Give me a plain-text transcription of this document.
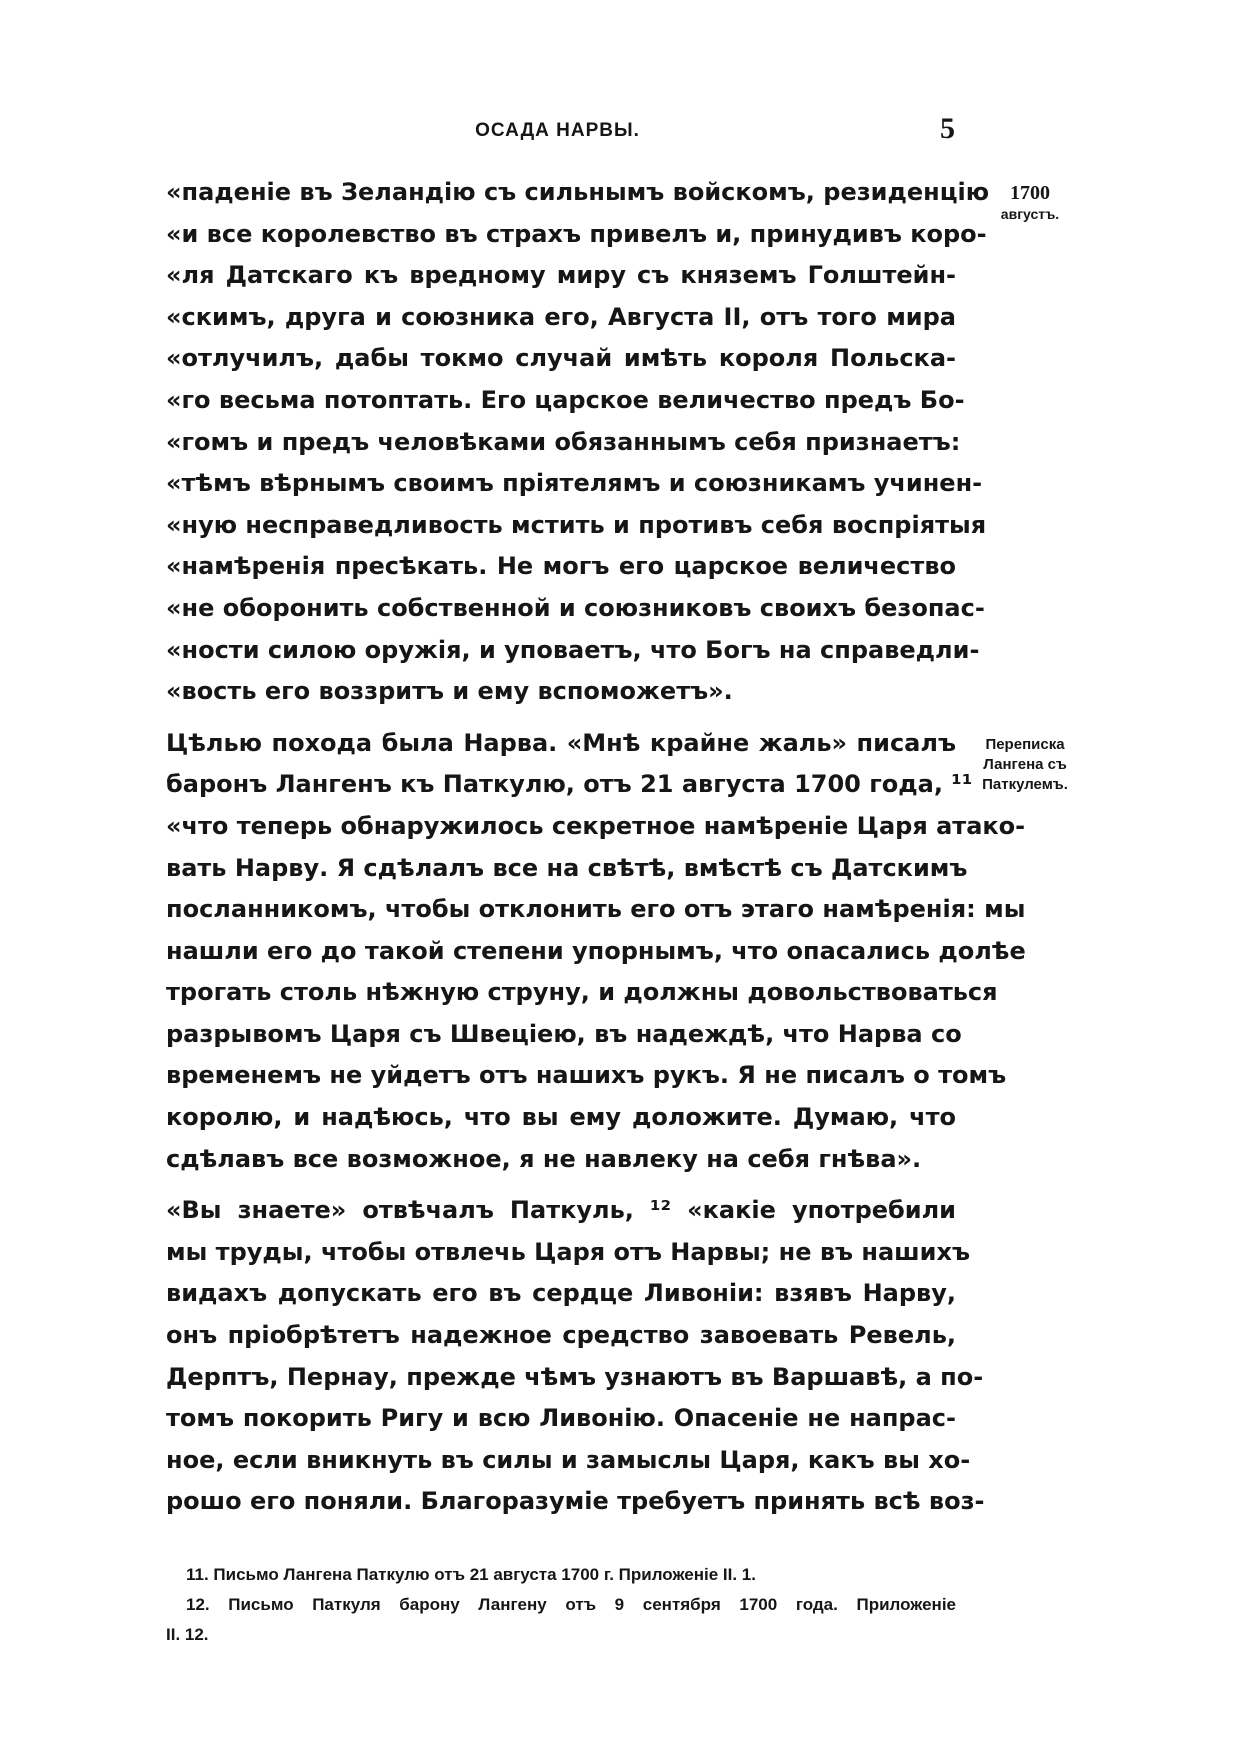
ОСАДА НАРВЫ.	5
1700
августъ.
Переписка
Лангена съ
Паткулемъ.
«паденіе въ Зеландію съ сильнымъ войскомъ, резиденцію
«и все королевство въ страхъ привелъ и, принудивъ коро-
«ля Датскаго къ вредному миру съ княземъ Голштейн-
«скимъ, друга и союзника его, Августа II, отъ того мира
«отлучилъ, дабы токмо случай имѣть короля Польска-
«го весьма потоптать. Его царское величество предъ Бо-
«гомъ и предъ человѣками обязаннымъ себя признаетъ:
«тѣмъ вѣрнымъ своимъ пріятелямъ и союзникамъ учинен-
«ную несправедливость мстить и противъ себя воспріятыя
«намѣренія пресѣкать. Не могъ его царское величество
«не оборонить собственной и союзниковъ своихъ безопас-
«ности силою оружія, и уповаетъ, что Богъ на справедли-
«вость его воззритъ и ему вспоможетъ».
Цѣлью похода была Нарва. «Мнѣ крайне жаль» писалъ
баронъ Лангенъ къ Паткулю, отъ 21 августа 1700 года, ¹¹
«что теперь обнаружилось секретное намѣреніе Царя атако-
вать Нарву. Я сдѣлалъ все на свѣтѣ, вмѣстѣ съ Датскимъ
посланникомъ, чтобы отклонить его отъ этаго намѣренія: мы
нашли его до такой степени упорнымъ, что опасались долѣе
трогать столь нѣжную струну, и должны довольствоваться
разрывомъ Царя съ Швеціею, въ надеждѣ, что Нарва со
временемъ не уйдетъ отъ нашихъ рукъ. Я не писалъ о томъ
королю, и надѣюсь, что вы ему доложите. Думаю, что
сдѣлавъ все возможное, я не навлеку на себя гнѣва».
«Вы знаете» отвѣчалъ Паткуль, ¹² «какіе употребили
мы труды, чтобы отвлечь Царя отъ Нарвы; не въ нашихъ
видахъ допускать его въ сердце Ливоніи: взявъ Нарву,
онъ пріобрѣтетъ надежное средство завоевать Ревель,
Дерптъ, Пернау, прежде чѣмъ узнаютъ въ Варшавѣ, а по-
томъ покорить Ригу и всю Ливонію. Опасеніе не напрас-
ное, если вникнуть въ силы и замыслы Царя, какъ вы хо-
рошо его поняли. Благоразуміе требуетъ принять всѣ воз-
11. Письмо Лангена Паткулю отъ 21 августа 1700 г. Приложеніе II. 1.
12. Письмо Паткуля барону Лангену отъ 9 сентября 1700 года. Приложеніе
II. 12.
